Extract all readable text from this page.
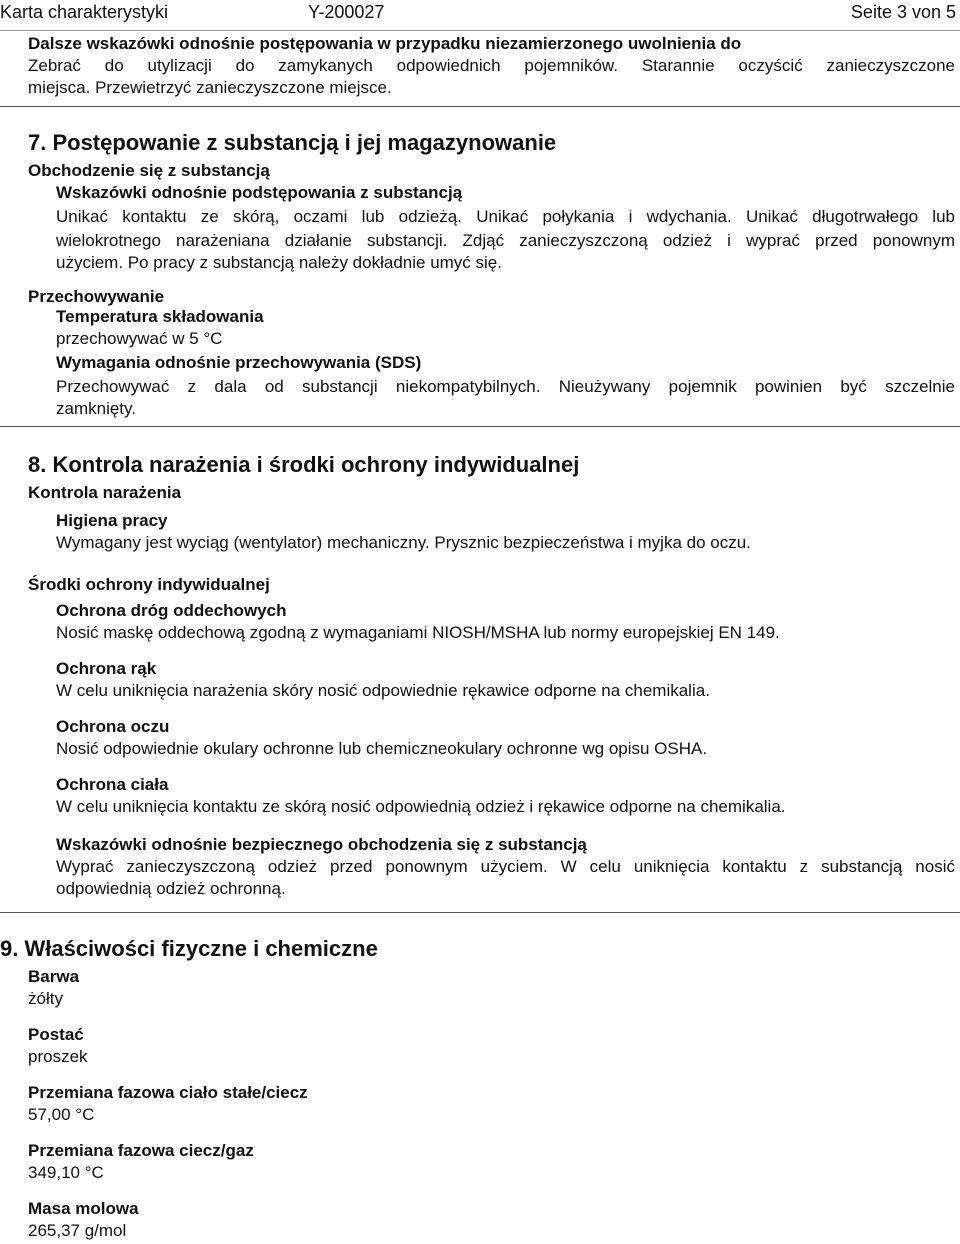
Karta charakterystyki	Y-200027	Seite 3 von 5
Dalsze wskazówki odnośnie postępowania w przypadku niezamierzonego uwolnienia do
Zebrać do utylizacji do zamykanych odpowiednich pojemników. Starannie oczyścić zanieczyszczone
miejsca. Przewietrzyć zanieczyszczone miejsce.
7. Postępowanie z substancją i jej magazynowanie
Obchodzenie się z substancją
Wskazówki odnośnie podstępowania z substancją
Unikać kontaktu ze skórą, oczami lub odzieżą. Unikać połykania i wdychania. Unikać długotrwałego lub
wielokrotnego narażeniana działanie substancji. Zdjąć zanieczyszczoną odzież i wyprać przed ponownym
użyciem. Po pracy z substancją należy dokładnie umyć się.
Przechowywanie
Temperatura składowania
przechowywać w 5 °C
Wymagania odnośnie przechowywania (SDS)
Przechowywać z dala od substancji niekompatybilnych. Nieużywany pojemnik powinien być szczelnie
zamknięty.
8. Kontrola narażenia i środki ochrony indywidualnej
Kontrola narażenia
Higiena pracy
Wymagany jest wyciąg (wentylator) mechaniczny. Prysznic bezpieczeństwa i myjka do oczu.
Środki ochrony indywidualnej
Ochrona dróg oddechowych
Nosić maskę oddechową zgodną z wymaganiami NIOSH/MSHA lub normy europejskiej EN 149.
Ochrona rąk
W celu uniknięcia narażenia skóry nosić odpowiednie rękawice odporne na chemikalia.
Ochrona oczu
Nosić odpowiednie okulary ochronne lub chemiczneokulary ochronne wg opisu OSHA.
Ochrona ciała
W celu uniknięcia kontaktu ze skórą nosić odpowiednią odzież i rękawice odporne na chemikalia.
Wskazówki odnośnie bezpiecznego obchodzenia się z substancją
Wyprać zanieczyszczoną odzież przed ponownym użyciem. W celu uniknięcia kontaktu z substancją nosić
odpowiednią odzież ochronną.
9. Właściwości fizyczne i chemiczne
Barwa
żółty
Postać
proszek
Przemiana fazowa ciało stałe/ciecz
57,00 °C
Przemiana fazowa ciecz/gaz
349,10 °C
Masa molowa
265,37 g/mol
